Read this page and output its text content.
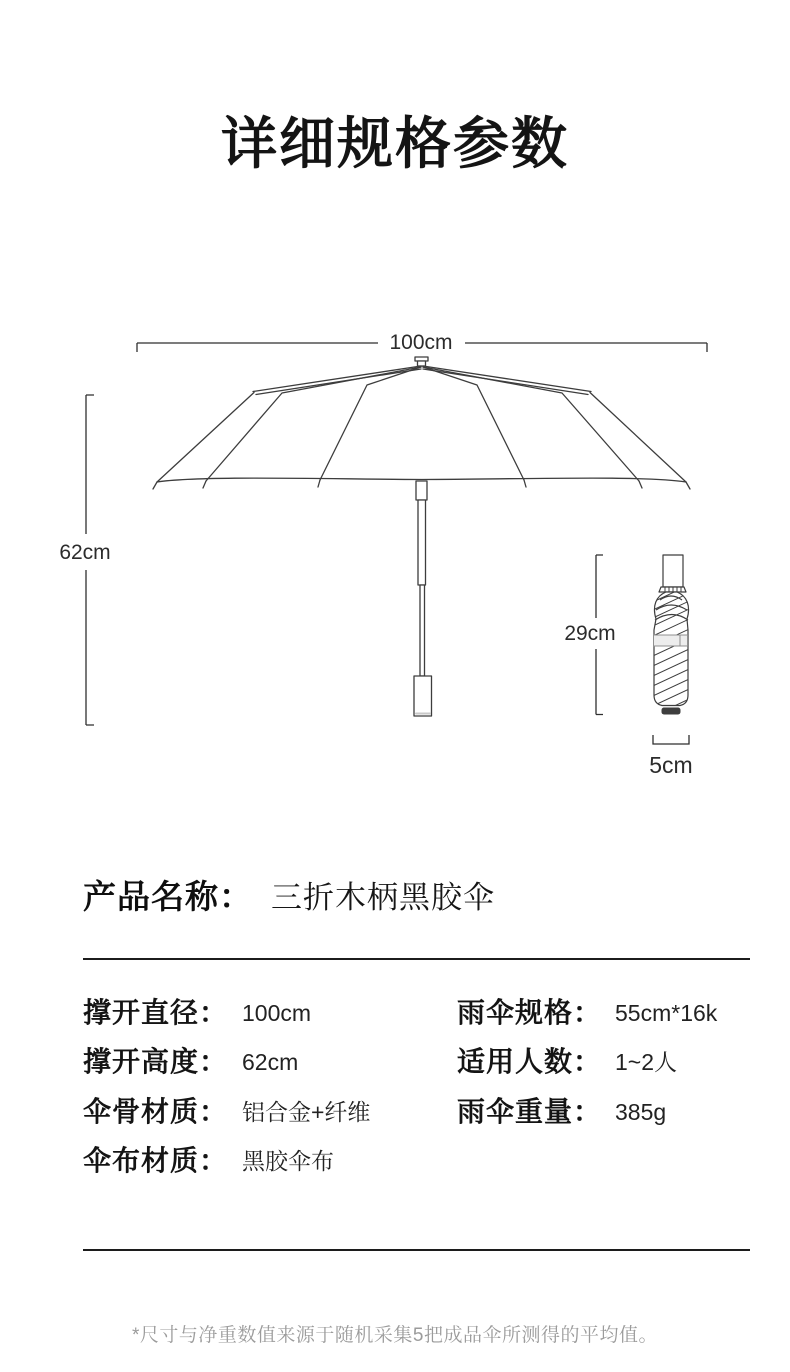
详细规格参数
100cm
62cm
29cm
5cm
产品名称： 三折木柄黑胶伞
撑开直径： 100cm	雨伞规格： 55cm*16k
撑开高度： 62cm	适用人数： 1~2人
伞骨材质： 铝合金+纤维	雨伞重量： 385g
伞布材质： 黑胶伞布
*尺寸与净重数值来源于随机采集5把成品伞所测得的平均值。
